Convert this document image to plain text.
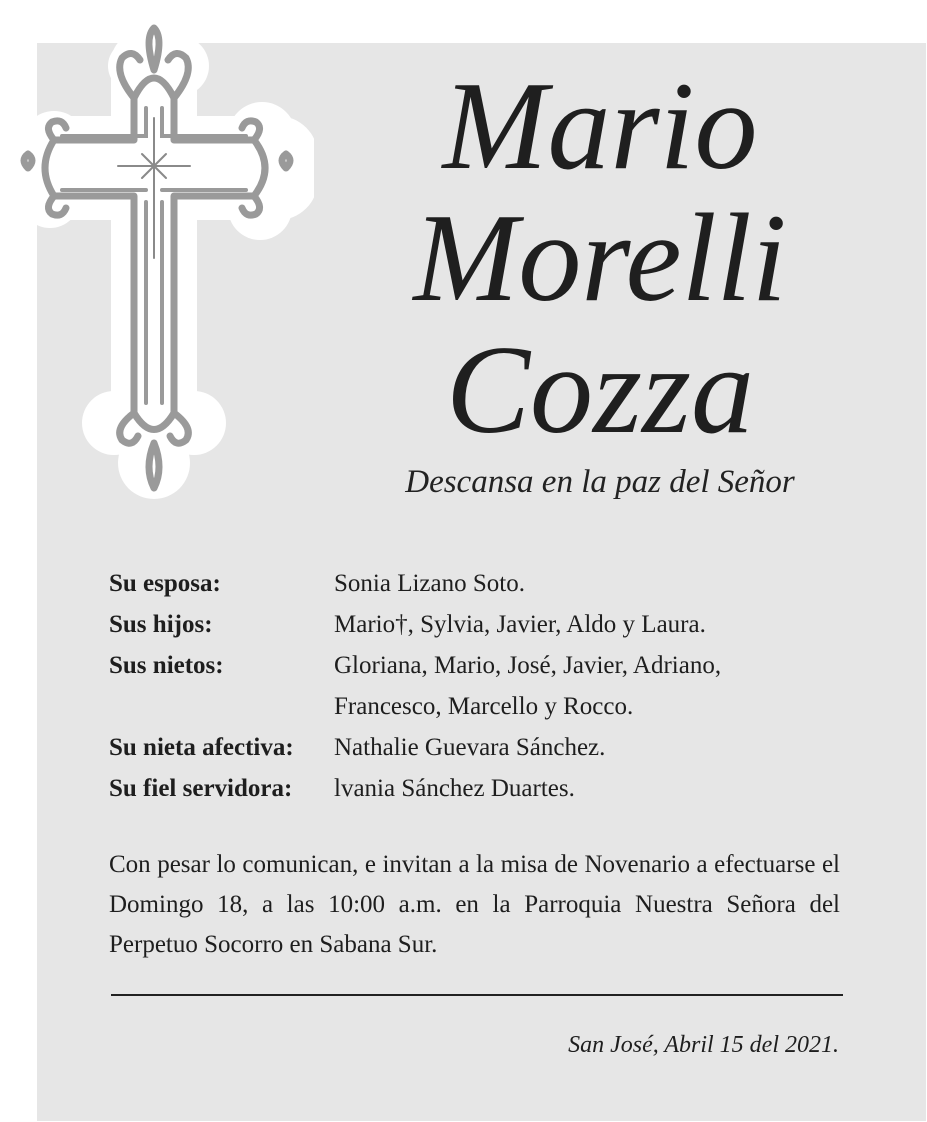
Mario
Morelli
Cozza
Descansa en la paz del Señor
Su esposa:	Sonia Lizano Soto.
Sus hijos:	Mario†, Sylvia, Javier, Aldo y Laura.
Sus nietos:	Gloriana, Mario, José, Javier, Adriano,
Francesco, Marcello y Rocco.
Su nieta afectiva:	Nathalie Guevara Sánchez.
Su fiel servidora:	lvania Sánchez Duartes.
Con pesar lo comunican, e invitan a la misa de Novenario a efectuarse el Domingo 18, a las 10:00 a.m. en la Parroquia Nuestra Señora del Perpetuo Socorro en Sabana Sur.
San José, Abril 15 del 2021.
